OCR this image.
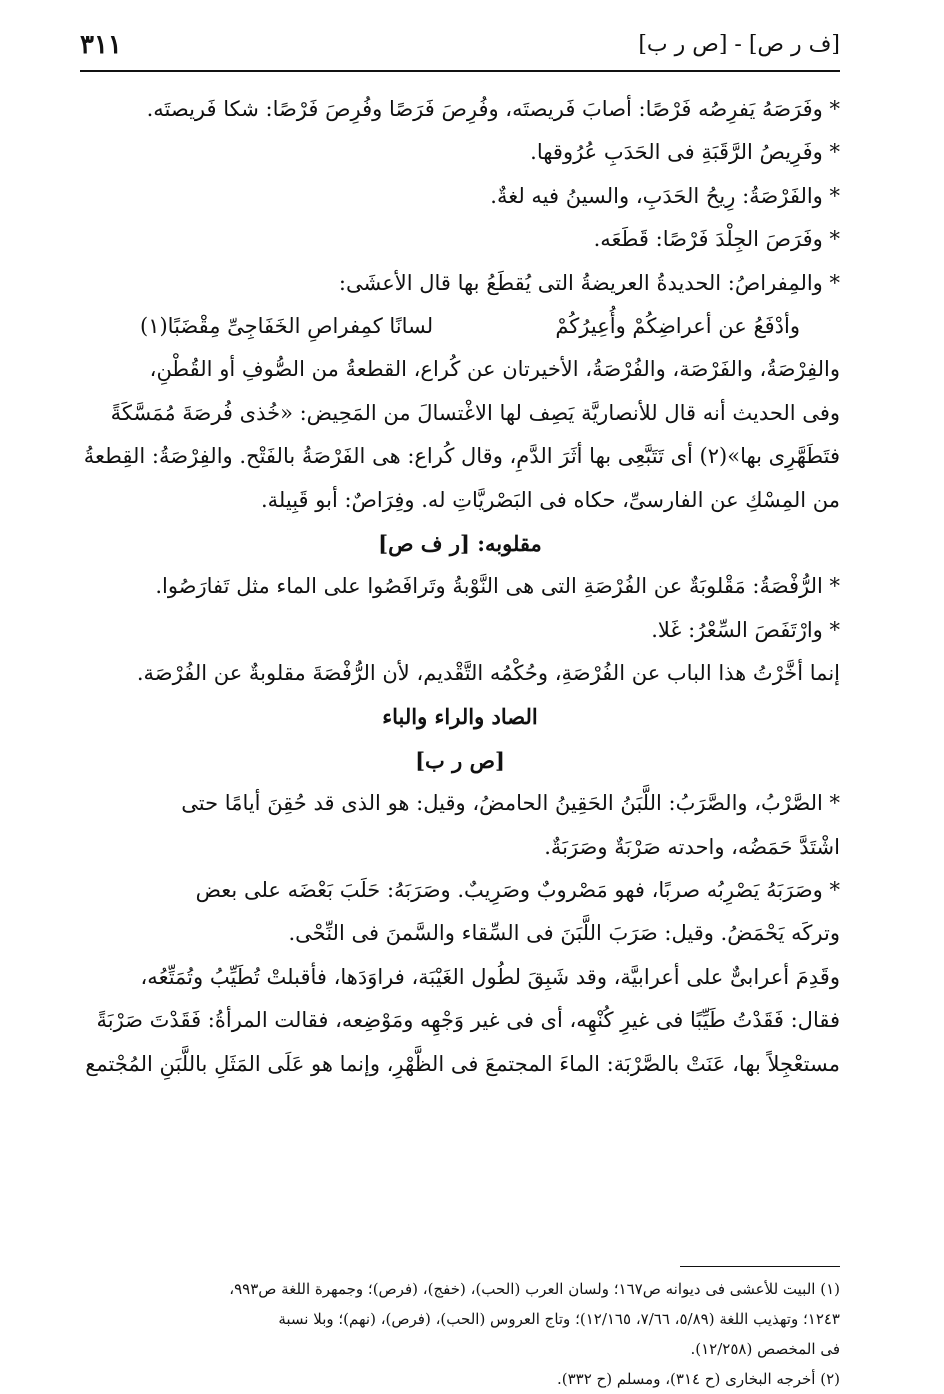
٣١١	[ف ر ص] - [ص ر ب]
* وفَرَصَهُ يَفرِصُه فَرْصًا: أصابَ فَريصتَه، وفُرِصَ فَرَصًا وفُرِصَ فَرْصًا: شكا فَريصتَه.
* وفَرِيصُ الرَّقَبَةِ فى الحَدَبِ عُرُوقها.
* والفَرْصَةُ: رِيحُ الحَدَبِ، والسينُ فيه لغةٌ.
* وفَرَصَ الجِلْدَ فَرْصًا: قَطَعَه.
* والمِفراصُ: الحديدةُ العريضةُ التى يُقطَعُ بها قال الأعشَى:
وأدْفَعُ عن أعراضِكُمْ وأُعِيرُكُمْ
لسانًا كمِفراصِ الخَفَاجِىِّ مِقْضَبًا(١)
والفِرْصَةُ، والفَرْصَة، والفُرْصَةُ، الأخيرتان عن كُراع، القطعةُ من الصُّوفِ أو القُطْنِ،
وفى الحديث أنه قال للأنصاريَّة يَصِف لها الاغْتسالَ من المَحِيض: «خُذى فُرصَةَ مُمَسَّكَةً
فتَطَهَّرِى بها»(٢) أى تَتَبَّعِى بها أثَرَ الدَّمِ، وقال كُراع: هى الفَرْصَةُ بالفَتْح. والفِرْصَةُ: القِطعةُ
من المِسْكِ عن الفارسىِّ، حكاه فى البَصْريَّاتِ له. وفِرَاصٌ: أبو قَبِيلة.
مقلوبه: [ر ف ص]
* الرُّفْصَةُ: مَقْلوبَةٌ عن الفُرْصَةِ التى هى النَّوْبةُ وتَرافَصُوا على الماء مثل تَفارَصُوا.
* وارْتَفَصَ السِّعْرُ: غَلا.
إنما أخَّرْتُ هذا الباب عن الفُرْصَةِ، وحُكْمُه التَّقْديم، لأن الرُّفْصَةَ مقلوبةٌ عن الفُرْصَة.
الصاد والراء والباء
[ص ر ب]
* الصَّرْبُ، والصَّرَبُ: اللَّبَنُ الحَقِينُ الحامضُ، وقيل: هو الذى قد حُقِنَ أيامًا حتى
اشْتَدَّ حَمَضُه، واحدته صَرْبَةٌ وصَرَبَةٌ.
* وصَرَبَهُ يَصْرِبُه صربًا، فهو مَصْروبٌ وصَرِيبٌ. وصَرَبَهُ: حَلَبَ بَعْضَه على بعض
وتركَه يَحْمَضُ. وقيل: صَرَبَ اللَّبَنَ فى السِّقاء والسَّمنَ فى النِّحْى.
وقَدِمَ أعرابىٌّ على أعرابيَّة، وقد شَبِقَ لطُول الغَيْبَة، فراوَدَها، فأقبلتْ تُطَيِّبُ وتُمَتِّعُه،
فقال: فَقَدْتُ طَيِّبًا فى غيرِ كُنْهِه، أى فى غير وَجْهِه ومَوْضِعه، فقالت المرأةُ: فَقَدْتَ صَرْبَةً
مستعْجِلاً بها، عَنَتْ بالصَّرْبَة: الماءَ المجتمعَ فى الظَّهْرِ، وإنما هو عَلَى المَثَلِ باللَّبَنِ المُجْتمع
(١) البيت للأعشى فى ديوانه ص١٦٧؛ ولسان العرب (الحب)، (خفج)، (فرص)؛ وجمهرة اللغة ص٩٩٣،
١٢٤٣؛ وتهذيب اللغة (٥/٨٩، ٧/٦٦، ١٢/١٦٥)؛ وتاج العروس (الحب)، (فرص)، (نهم)؛ وبلا نسبة
فى المخصص (١٢/٢٥٨).
(٢) أخرجه البخارى (ح ٣١٤)، ومسلم (ح ٣٣٢).
